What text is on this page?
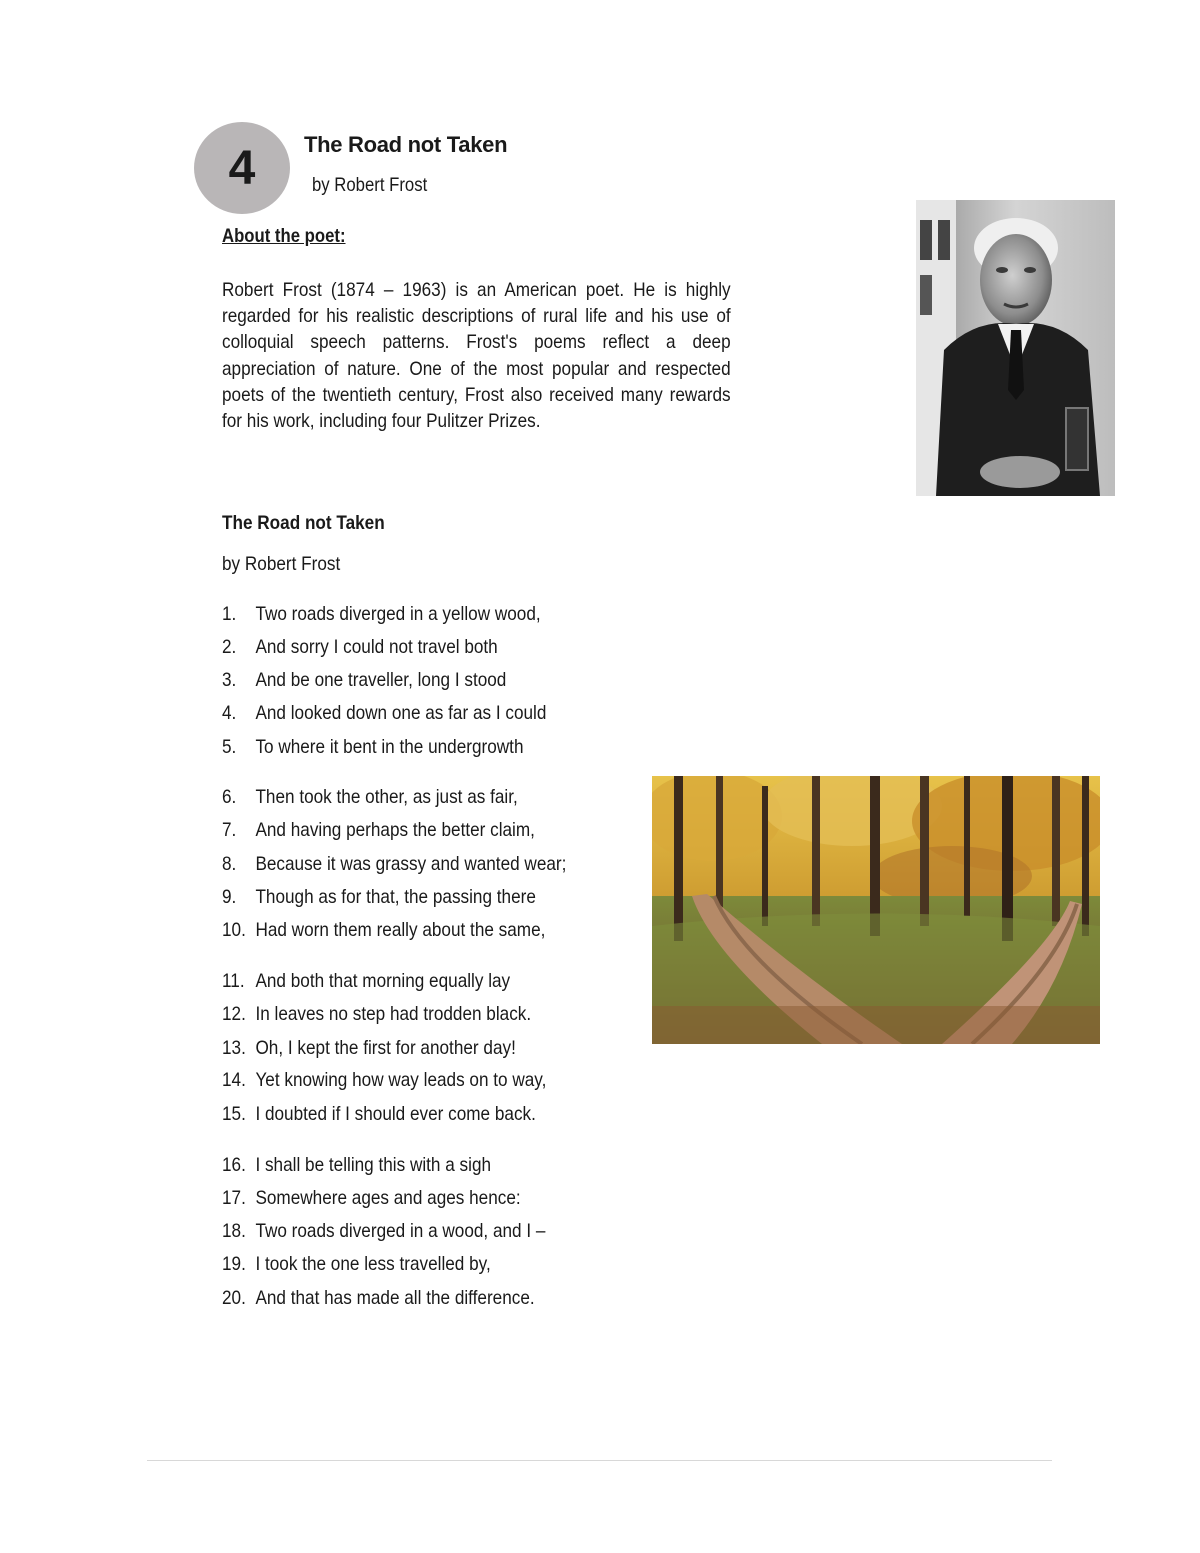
4	The Road not Taken
by Robert Frost
About the poet:
Robert Frost (1874 – 1963) is an American poet. He is highly regarded for his realistic descriptions of rural life and his use of colloquial speech patterns. Frost's poems reflect a deep appreciation of nature. One of the most popular and respected poets of the twentieth century, Frost also received many rewards for his work, including four Pulitzer Prizes.
The Road not Taken
by Robert Frost
1. Two roads diverged in a yellow wood,
2. And sorry I could not travel both
3. And be one traveller, long I stood
4. And looked down one as far as I could
5. To where it bent in the undergrowth
6. Then took the other, as just as fair,
7. And having perhaps the better claim,
8. Because it was grassy and wanted wear;
9. Though as for that, the passing there
10. Had worn them really about the same,
11. And both that morning equally lay
12. In leaves no step had trodden black.
13. Oh, I kept the first for another day!
14. Yet knowing how way leads on to way,
15. I doubted if I should ever come back.
16. I shall be telling this with a sigh
17. Somewhere ages and ages hence:
18. Two roads diverged in a wood, and I –
19. I took the one less travelled by,
20. And that has made all the difference.
